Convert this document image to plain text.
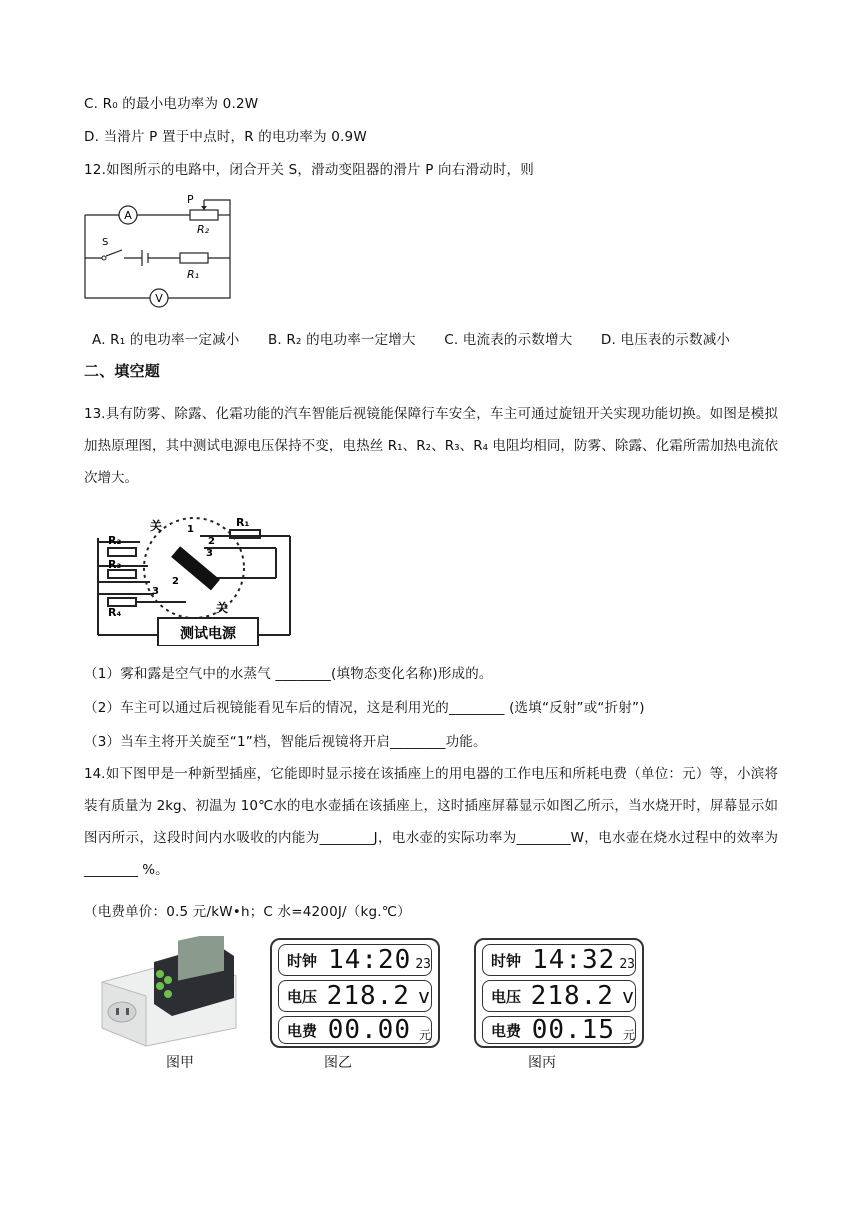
C. R₀ 的最小电功率为 0.2W
D. 当滑片 P 置于中点时，R 的电功率为 0.9W
12.如图所示的电路中，闭合开关 S，滑动变阻器的滑片 P 向右滑动时，则
A
V
P
R₂
R₁
S
A. R₁ 的电功率一定减小 B. R₂ 的电功率一定增大 C. 电流表的示数增大 D. 电压表的示数减小
二、填空题
13.具有防雾、除露、化霜功能的汽车智能后视镜能保障行车安全，车主可通过旋钮开关实现功能切换。如图是模拟加热原理图，其中测试电源电压保持不变，电热丝 R₁、R₂、R₃、R₄ 电阻均相同，防雾、除露、化霜所需加热电流依次增大。
关
关
1
2
3
3
2
R₁
R₂
R₃
R₄
测试电源
（1）雾和露是空气中的水蒸气 ________(填物态变化名称)形成的。
（2）车主可以通过后视镜能看见车后的情况，这是利用光的________ (选填“反射”或“折射”)
（3）当车主将开关旋至“1”档，智能后视镜将开启________功能。
14.如下图甲是一种新型插座，它能即时显示接在该插座上的用电器的工作电压和所耗电费（单位：元）等，小滨将装有质量为 2kg、初温为 10℃水的电水壶插在该插座上，这时插座屏幕显示如图乙所示，当水烧开时，屏幕显示如图丙所示，这段时间内水吸收的内能为________J，电水壶的实际功率为________W，电水壶在烧水过程中的效率为________ %。
（电费单价：0.5 元/kW•h；C 水=4200J/（kg.℃）
图甲
时钟 14:20 23
电压 218.2 v
电费 00.00 元
图乙
时钟 14:32 23
电压 218.2 v
电费 00.15 元
图丙
